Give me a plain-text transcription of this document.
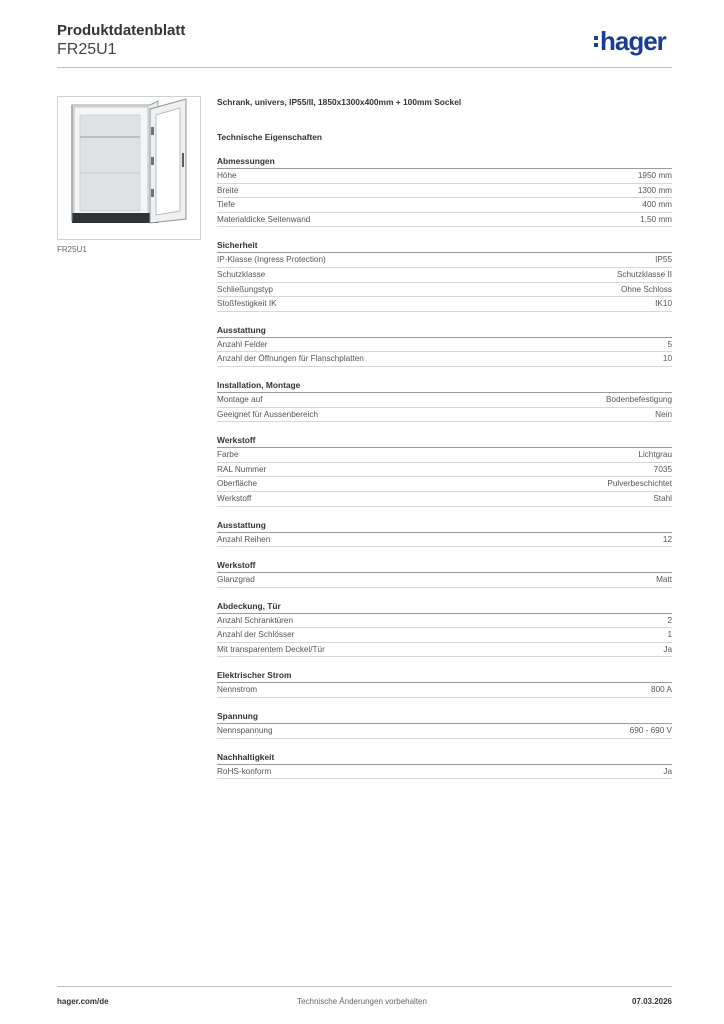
Produktdatenblatt
FR25U1	hager
FR25U1
Schrank, univers, IP55/II, 1850x1300x400mm + 100mm Sockel
Technische Eigenschaften
Abmessungen
Höhe	1950 mm
Breite	1300 mm
Tiefe	400 mm
Materialdicke Seitenwand	1,50 mm
Sicherheit
IP-Klasse (Ingress Protection)	IP55
Schutzklasse	Schutzklasse II
Schließungstyp	Ohne Schloss
Stoßfestigkeit IK	IK10
Ausstattung
Anzahl Felder	5
Anzahl der Öffnungen für Flanschplatten	10
Installation, Montage
Montage auf	Bodenbefestigung
Geeignet für Aussenbereich	Nein
Werkstoff
Farbe	Lichtgrau
RAL Nummer	7035
Oberfläche	Pulverbeschichtet
Werkstoff	Stahl
Ausstattung
Anzahl Reihen	12
Werkstoff
Glanzgrad	Matt
Abdeckung, Tür
Anzahl Schranktüren	2
Anzahl der Schlösser	1
Mit transparentem Deckel/Tür	Ja
Elektrischer Strom
Nennstrom	800 A
Spannung
Nennspannung	690 - 690 V
Nachhaltigkeit
RoHS-konform	Ja
hager.com/de	Technische Änderungen vorbehalten	07.03.2026
